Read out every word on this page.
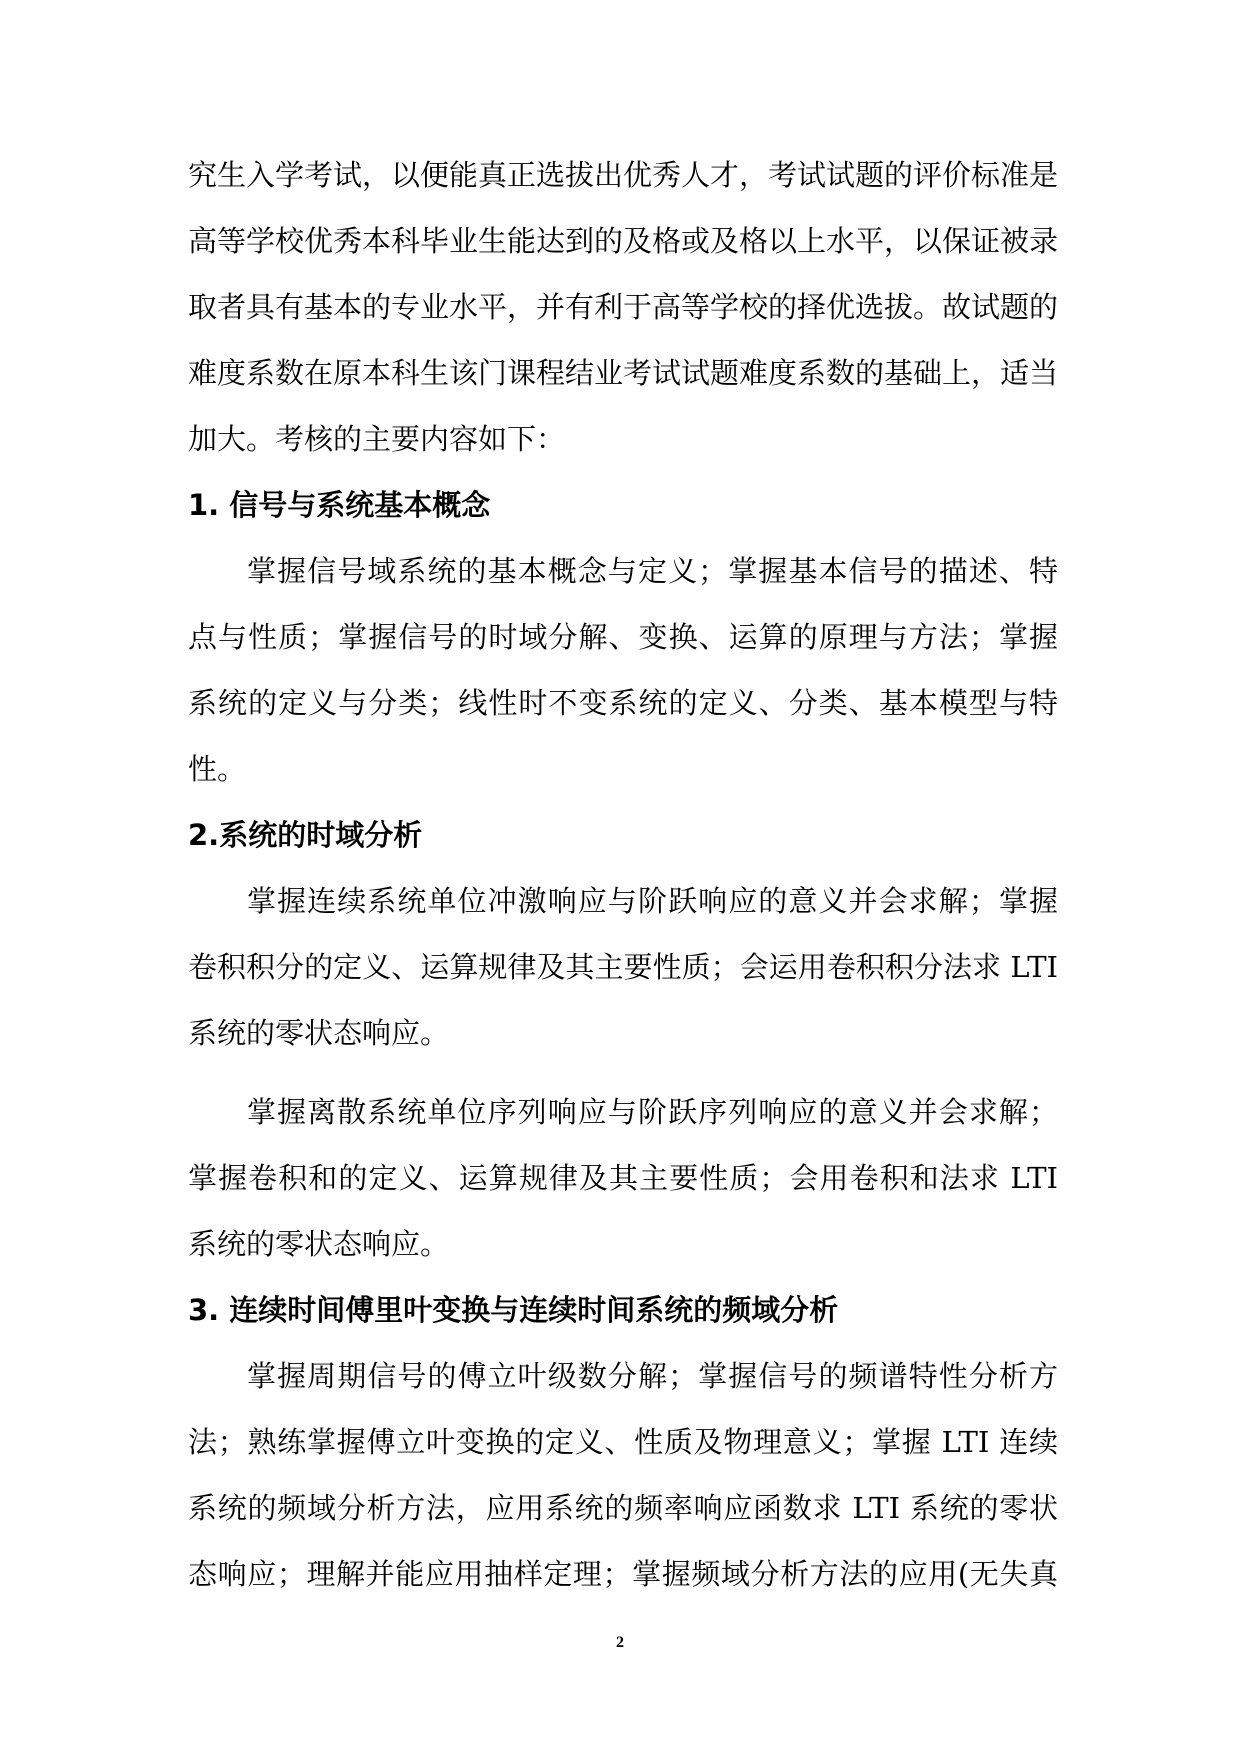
究生入学考试，以便能真正选拔出优秀人才，考试试题的评价标准是
高等学校优秀本科毕业生能达到的及格或及格以上水平，以保证被录
取者具有基本的专业水平，并有利于高等学校的择优选拔。故试题的
难度系数在原本科生该门课程结业考试试题难度系数的基础上，适当
加大。考核的主要内容如下：
1. 信号与系统基本概念
掌握信号域系统的基本概念与定义；掌握基本信号的描述、特
点与性质；掌握信号的时域分解、变换、运算的原理与方法；掌握
系统的定义与分类；线性时不变系统的定义、分类、基本模型与特
性。
2.系统的时域分析
掌握连续系统单位冲激响应与阶跃响应的意义并会求解；掌握
卷积积分的定义、运算规律及其主要性质；会运用卷积积分法求 LTI
系统的零状态响应。
掌握离散系统单位序列响应与阶跃序列响应的意义并会求解；
掌握卷积和的定义、运算规律及其主要性质；会用卷积和法求 LTI
系统的零状态响应。
3. 连续时间傅里叶变换与连续时间系统的频域分析
掌握周期信号的傅立叶级数分解；掌握信号的频谱特性分析方
法；熟练掌握傅立叶变换的定义、性质及物理意义；掌握 LTI 连续
系统的频域分析方法，应用系统的频率响应函数求 LTI 系统的零状
态响应；理解并能应用抽样定理；掌握频域分析方法的应用(无失真
2
